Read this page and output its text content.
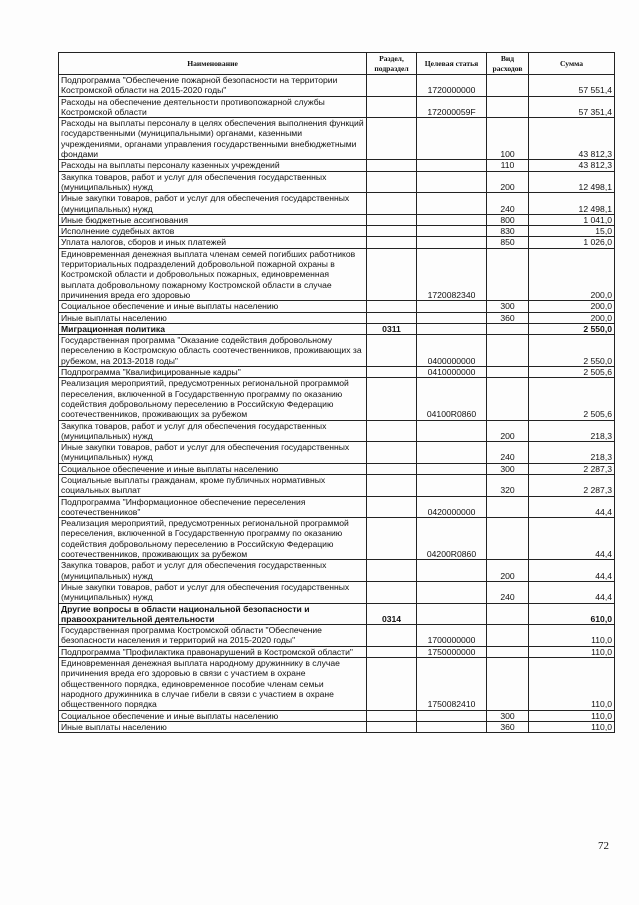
Наименование	Раздел, подраздел	Целевая статья	Вид расходов	Сумма
Подпрограмма "Обеспечение пожарной безопасности на территории Костромской области на 2015-2020 годы"		1720000000		57 551,4
Расходы на обеспечение деятельности противопожарной службы Костромской области		172000059F		57 351,4
Расходы на выплаты персоналу в целях обеспечения выполнения функций государственными (муниципальными) органами, казенными учреждениями, органами управления государственными внебюджетными фондами			100	43 812,3
Расходы на выплаты персоналу казенных учреждений			110	43 812,3
Закупка товаров, работ и услуг для обеспечения государственных (муниципальных) нужд			200	12 498,1
Иные закупки товаров, работ и услуг для обеспечения государственных (муниципальных) нужд			240	12 498,1
Иные бюджетные ассигнования			800	1 041,0
Исполнение судебных актов			830	15,0
Уплата налогов, сборов и иных платежей			850	1 026,0
Единовременная денежная выплата членам семей погибших работников территориальных подразделений добровольной пожарной охраны в Костромской области и добровольных пожарных, единовременная выплата добровольному пожарному Костромской области в случае причинения вреда его здоровью		1720082340		200,0
Социальное обеспечение и иные выплаты населению			300	200,0
Иные выплаты населению			360	200,0
Миграционная политика	0311			2 550,0
Государственная программа "Оказание содействия добровольному переселению в Костромскую область соотечественников, проживающих за рубежом, на 2013-2018 годы"		0400000000		2 550,0
Подпрограмма "Квалифицированные кадры"		0410000000		2 505,6
Реализация мероприятий, предусмотренных региональной программой переселения, включенной в Государственную программу по оказанию содействия добровольному переселению в Российскую Федерацию соотечественников, проживающих за рубежом		04100R0860		2 505,6
Закупка товаров, работ и услуг для обеспечения государственных (муниципальных) нужд			200	218,3
Иные закупки товаров, работ и услуг для обеспечения государственных (муниципальных) нужд			240	218,3
Социальное обеспечение и иные выплаты населению			300	2 287,3
Социальные выплаты гражданам, кроме публичных нормативных социальных выплат			320	2 287,3
Подпрограмма "Информационное обеспечение переселения соотечественников"		0420000000		44,4
Реализация мероприятий, предусмотренных региональной программой переселения, включенной в Государственную программу по оказанию содействия добровольному переселению в Российскую Федерацию соотечественников, проживающих за рубежом		04200R0860		44,4
Закупка товаров, работ и услуг для обеспечения государственных (муниципальных) нужд			200	44,4
Иные закупки товаров, работ и услуг для обеспечения государственных (муниципальных) нужд			240	44,4
Другие вопросы в области национальной безопасности и правоохранительной деятельности	0314			610,0
Государственная программа Костромской области "Обеспечение безопасности населения и территорий на 2015-2020 годы"		1700000000		110,0
Подпрограмма "Профилактика правонарушений в Костромской области"		1750000000		110,0
Единовременная денежная выплата народному дружиннику в случае причинения вреда его здоровью в связи с участием в охране общественного порядка, единовременное пособие членам семьи народного дружинника в случае гибели в связи с участием в охране общественного порядка		1750082410		110,0
Социальное обеспечение и иные выплаты населению			300	110,0
Иные выплаты населению			360	110,0
72
